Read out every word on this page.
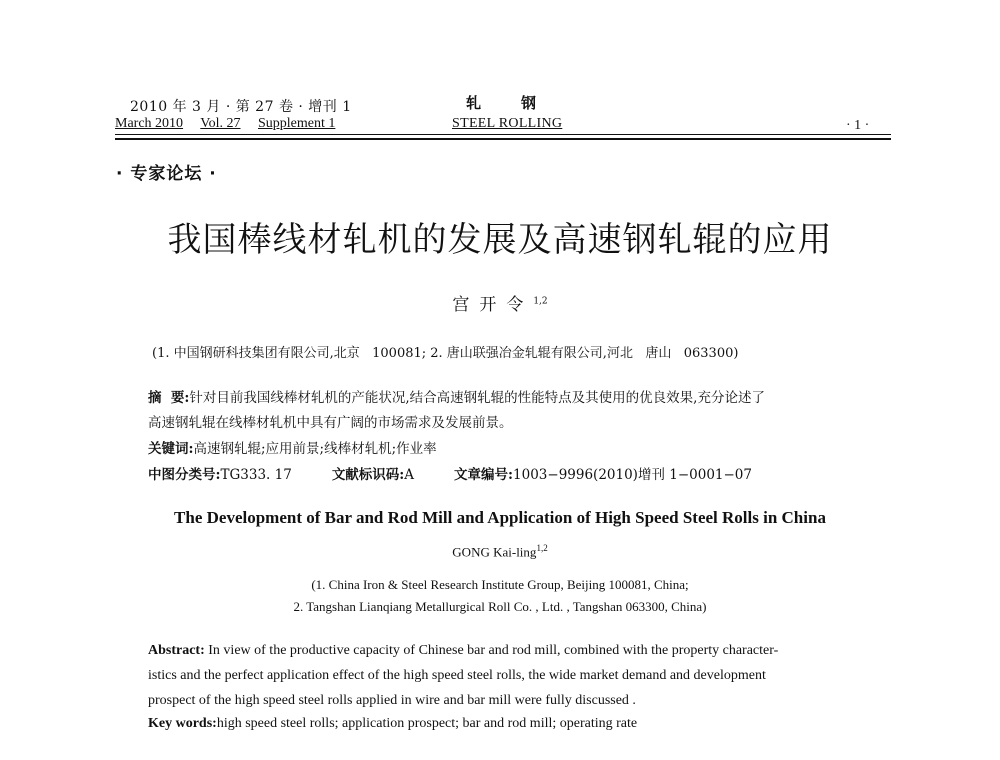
2010 年 3 月 · 第 27 卷 · 增刊 1	轧钢
March 2010 Vol. 27 Supplement 1	STEEL ROLLING	· 1 ·
· 专家论坛 ·
我国棒线材轧机的发展及高速钢轧辊的应用
宫开令$^{1,2}$
(1. 中国钢研科技集团有限公司,北京   100081; 2. 唐山联强冶金轧辊有限公司,河北   唐山   063300)
摘  要:针对目前我国线棒材轧机的产能状况,结合高速钢轧辊的性能特点及其使用的优良效果,充分论述了
高速钢轧辊在线棒材轧机中具有广阔的市场需求及发展前景。
关键词:高速钢轧辊;应用前景;线棒材轧机;作业率
中图分类号:TG333. 17	文献标识码:A	文章编号:1003−9996(2010)增刊 1−0001−07
The Development of Bar and Rod Mill and Application of High Speed Steel Rolls in China
GONG Kai-ling$^{1,2}$
(1. China Iron & Steel Research Institute Group, Beijing 100081, China;
2. Tangshan Lianqiang Metallurgical Roll Co. , Ltd. , Tangshan 063300, China)
Abstract: In view of the productive capacity of Chinese bar and rod mill, combined with the property character-
istics and the perfect application effect of the high speed steel rolls, the wide market demand and development
prospect of the high speed steel rolls applied in wire and bar mill were fully discussed .
Key words:high speed steel rolls; application prospect; bar and rod mill; operating rate
